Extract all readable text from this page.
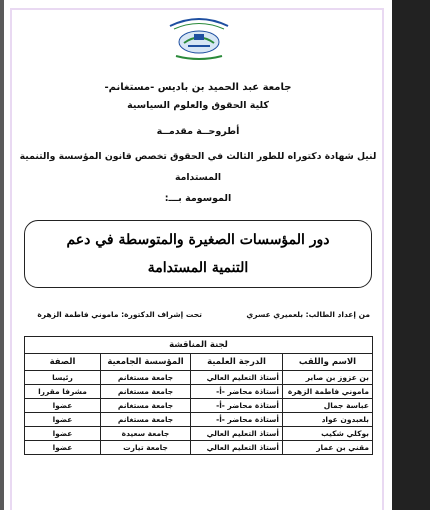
جامعة عبد الحميد بن باديس -مستغانم-
كلية الحقوق والعلوم السياسية
أطروحــة مقدمــة
لنيل شهادة دكتوراه للطور الثالث في الحقوق تخصص قانون المؤسسة والتنمية
المستدامة
الموسومة بـــ:
دور المؤسسات الصغيرة والمتوسطة في دعم التنمية المستدامة
من إعداد الطالب: بلعميري عسري
تحت إشراف الدكتورة: ماموني فاطمة الزهرة
لجنة المناقشة			
الاسم واللقب	الدرجة العلمية	المؤسسة الجامعية	الصفة
بن عزوز بن صابر	أستاذ التعليم العالي	جامعة مستغانم	رئيسا
ماموني فاطمة الزهرة	أستاذة محاضر -أ-	جامعة مستغانم	مشرفا مقررا
عباسة جمال	أستاذة محاضر -أ-	جامعة مستغانم	عضوا
بلعبدون عواد	أستاذة محاضر -أ-	جامعة مستغانم	عضوا
بوكلي شكيب	أستاذ التعليم العالي	جامعة سعيدة	عضوا
مقني بن عمار	أستاذ التعليم العالي	جامعة تيارت	عضوا
